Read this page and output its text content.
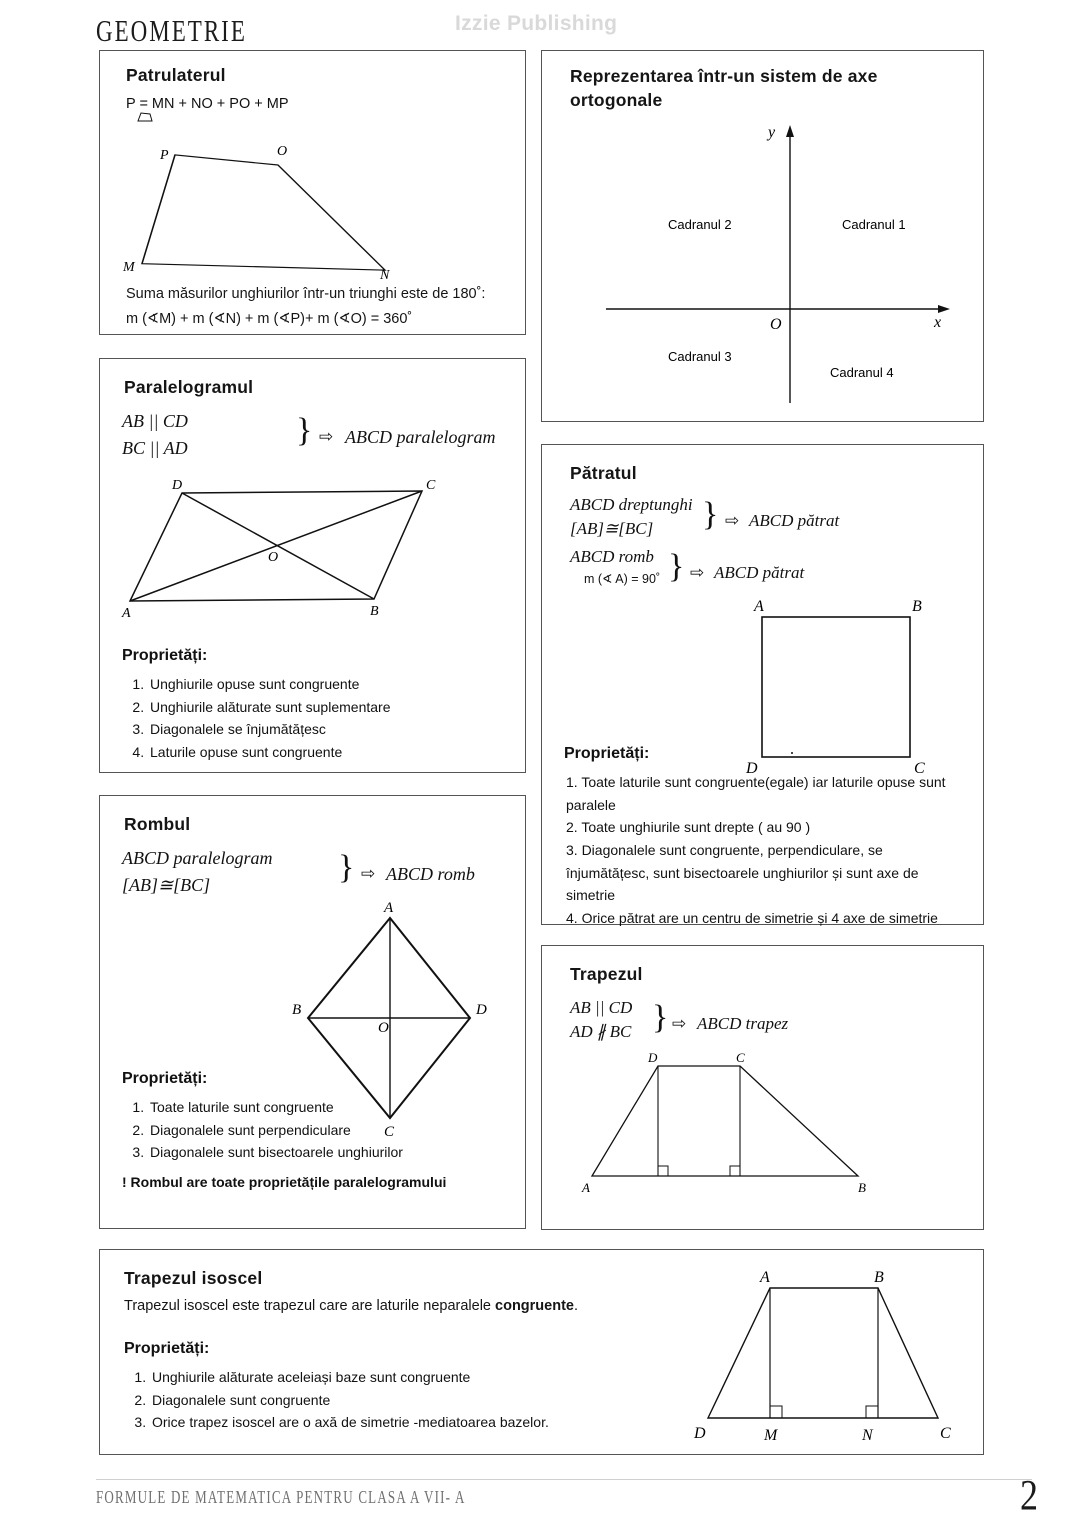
GEOMETRIE	Izzie Publishing
Patrulaterul
P = MN + NO + PO + MP
P	O
M
N
Suma măsurilor unghiurilor într-un triunghi este de 180˚:
m (∢M) + m (∢N) + m (∢P)+ m (∢O) = 360˚
Reprezentarea într-un sistem de axe ortogonale
y
x
O
Cadranul 1
Cadranul 2
Cadranul 3
Cadranul 4
Paralelogramul
AB || CD
BC || AD	} ⇨ ABCD paralelogram
D	C
O
A	B
Proprietăți:
1. Unghiurile opuse sunt congruente
2. Unghiurile alăturate sunt suplementare
3. Diagonalele se înjumătățesc
4. Laturile opuse sunt congruente
Pătratul
ABCD dreptunghi
[AB]≅[BC]	} ⇨ ABCD pătrat
ABCD romb
m (∢ A) = 90˚ } ⇨ ABCD pătrat
A	B
D	C
Proprietăți:
1. Toate laturile sunt congruente(egale) iar laturile opuse sunt paralele
2. Toate unghiurile sunt drepte ( au 90 )
3. Diagonalele sunt congruente, perpendiculare, se înjumătățesc, sunt bisectoarele unghiurilor și sunt axe de simetrie
4. Orice pătrat are un centru de simetrie și 4 axe de simetrie
Rombul
ABCD paralelogram
[AB]≅[BC]	} ⇨ ABCD romb
A
B
O
D
C
Proprietăți:
1. Toate laturile sunt congruente
2. Diagonalele sunt perpendiculare
3. Diagonalele sunt bisectoarele unghiurilor
! Rombul are toate proprietățile paralelogramului
Trapezul
AB || CD
AD ∦ BC } ⇨ ABCD trapez
D	C
A	B
Trapezul isoscel
Trapezul isoscel este trapezul care are laturile neparalele congruente.
Proprietăți:
1. Unghiurile alăturate aceleiași baze sunt congruente
2. Diagonalele sunt congruente
3. Orice trapez isoscel are o axă de simetrie -mediatoarea bazelor.
A	B
D	M	N	C
FORMULE DE MATEMATICA PENTRU CLASA A VII- A	2
